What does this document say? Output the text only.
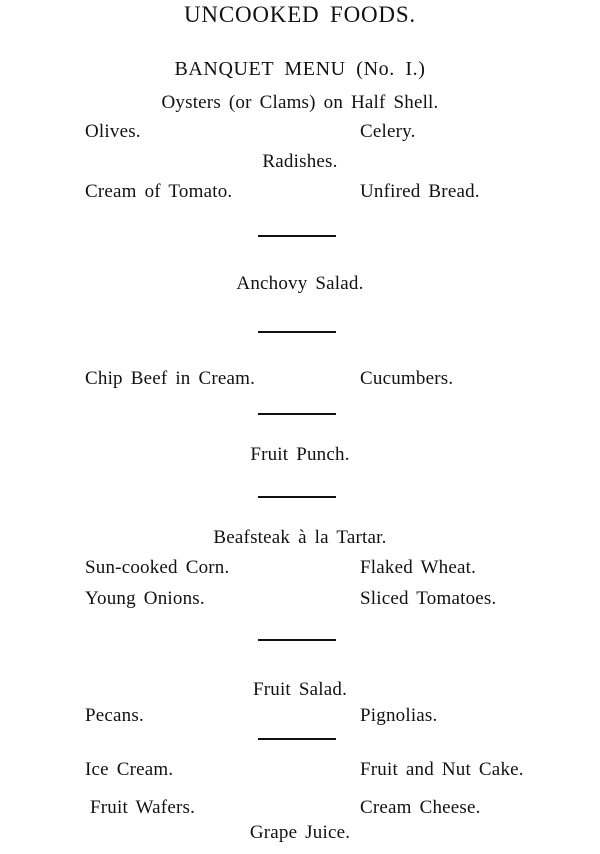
UNCOOKED FOODS.
BANQUET MENU (No. I.)
Oysters (or Clams) on Half Shell.
Olives.	Celery.
Radishes.
Cream of Tomato.	Unfired Bread.
Anchovy Salad.
Chip Beef in Cream.	Cucumbers.
Fruit Punch.
Beafsteak à la Tartar.
Sun-cooked Corn.	Flaked Wheat.
Young Onions.	Sliced Tomatoes.
Fruit Salad.
Pecans.	Pignolias.
Ice Cream.	Fruit and Nut Cake.
Fruit Wafers.	Cream Cheese.
Grape Juice.
